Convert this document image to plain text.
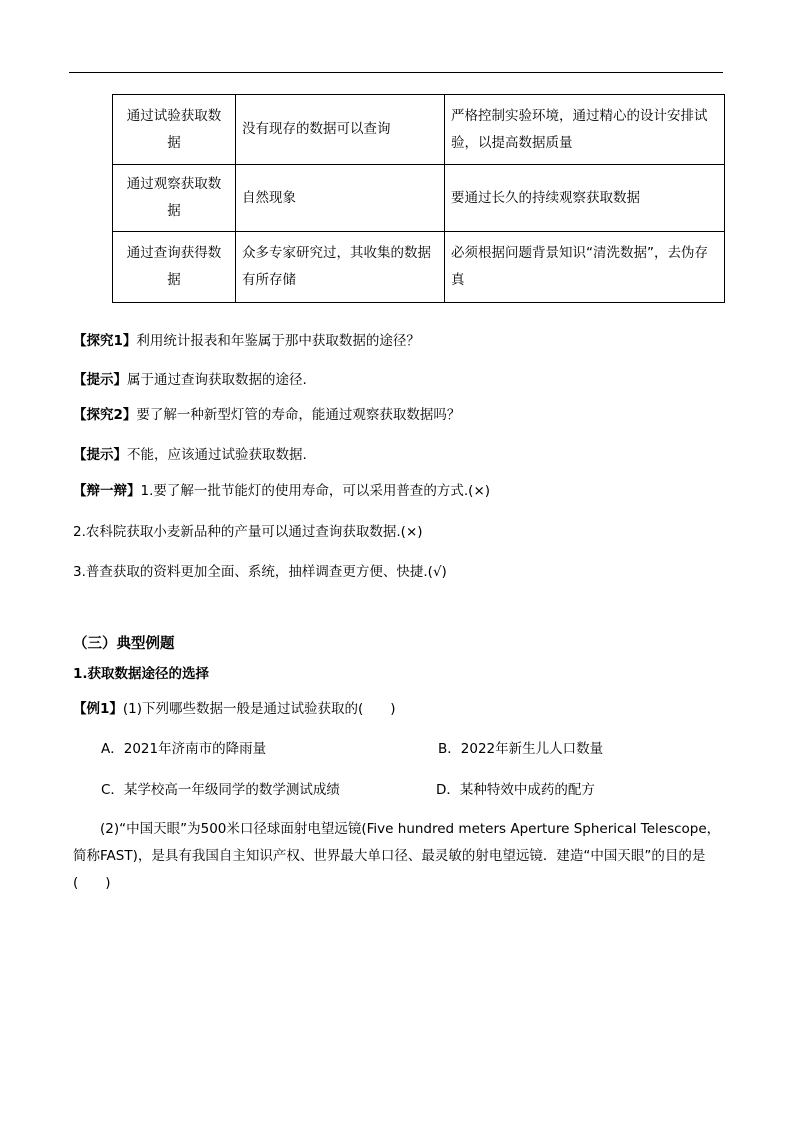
通过试验获取数据	没有现存的数据可以查询	严格控制实验环境，通过精心的设计安排试验，以提高数据质量
通过观察获取数据	自然现象	要通过长久的持续观察获取数据
通过查询获得数据	众多专家研究过，其收集的数据有所存储	必须根据问题背景知识“清洗数据”，去伪存真
【探究1】利用统计报表和年鉴属于那中获取数据的途径？
【提示】属于通过查询获取数据的途径.
【探究2】要了解一种新型灯管的寿命，能通过观察获取数据吗？
【提示】不能，应该通过试验获取数据.
【辩一辩】1.要了解一批节能灯的使用寿命，可以采用普查的方式.(×)
2.农科院获取小麦新品种的产量可以通过查询获取数据.(×)
3.普查获取的资料更加全面、系统，抽样调查更方便、快捷.(√)
（三）典型例题
1.获取数据途径的选择
【例1】(1)下列哪些数据一般是通过试验获取的(　　)
A．2021年济南市的降雨量	B．2022年新生儿人口数量
C．某学校高一年级同学的数学测试成绩	D．某种特效中成药的配方
(2)“中国天眼”为500米口径球面射电望远镜(Five hundred meters Aperture Spherical Telescope，简称FAST)，是具有我国自主知识产权、世界最大单口径、最灵敏的射电望远镜．建造“中国天眼”的目的是(　　)
